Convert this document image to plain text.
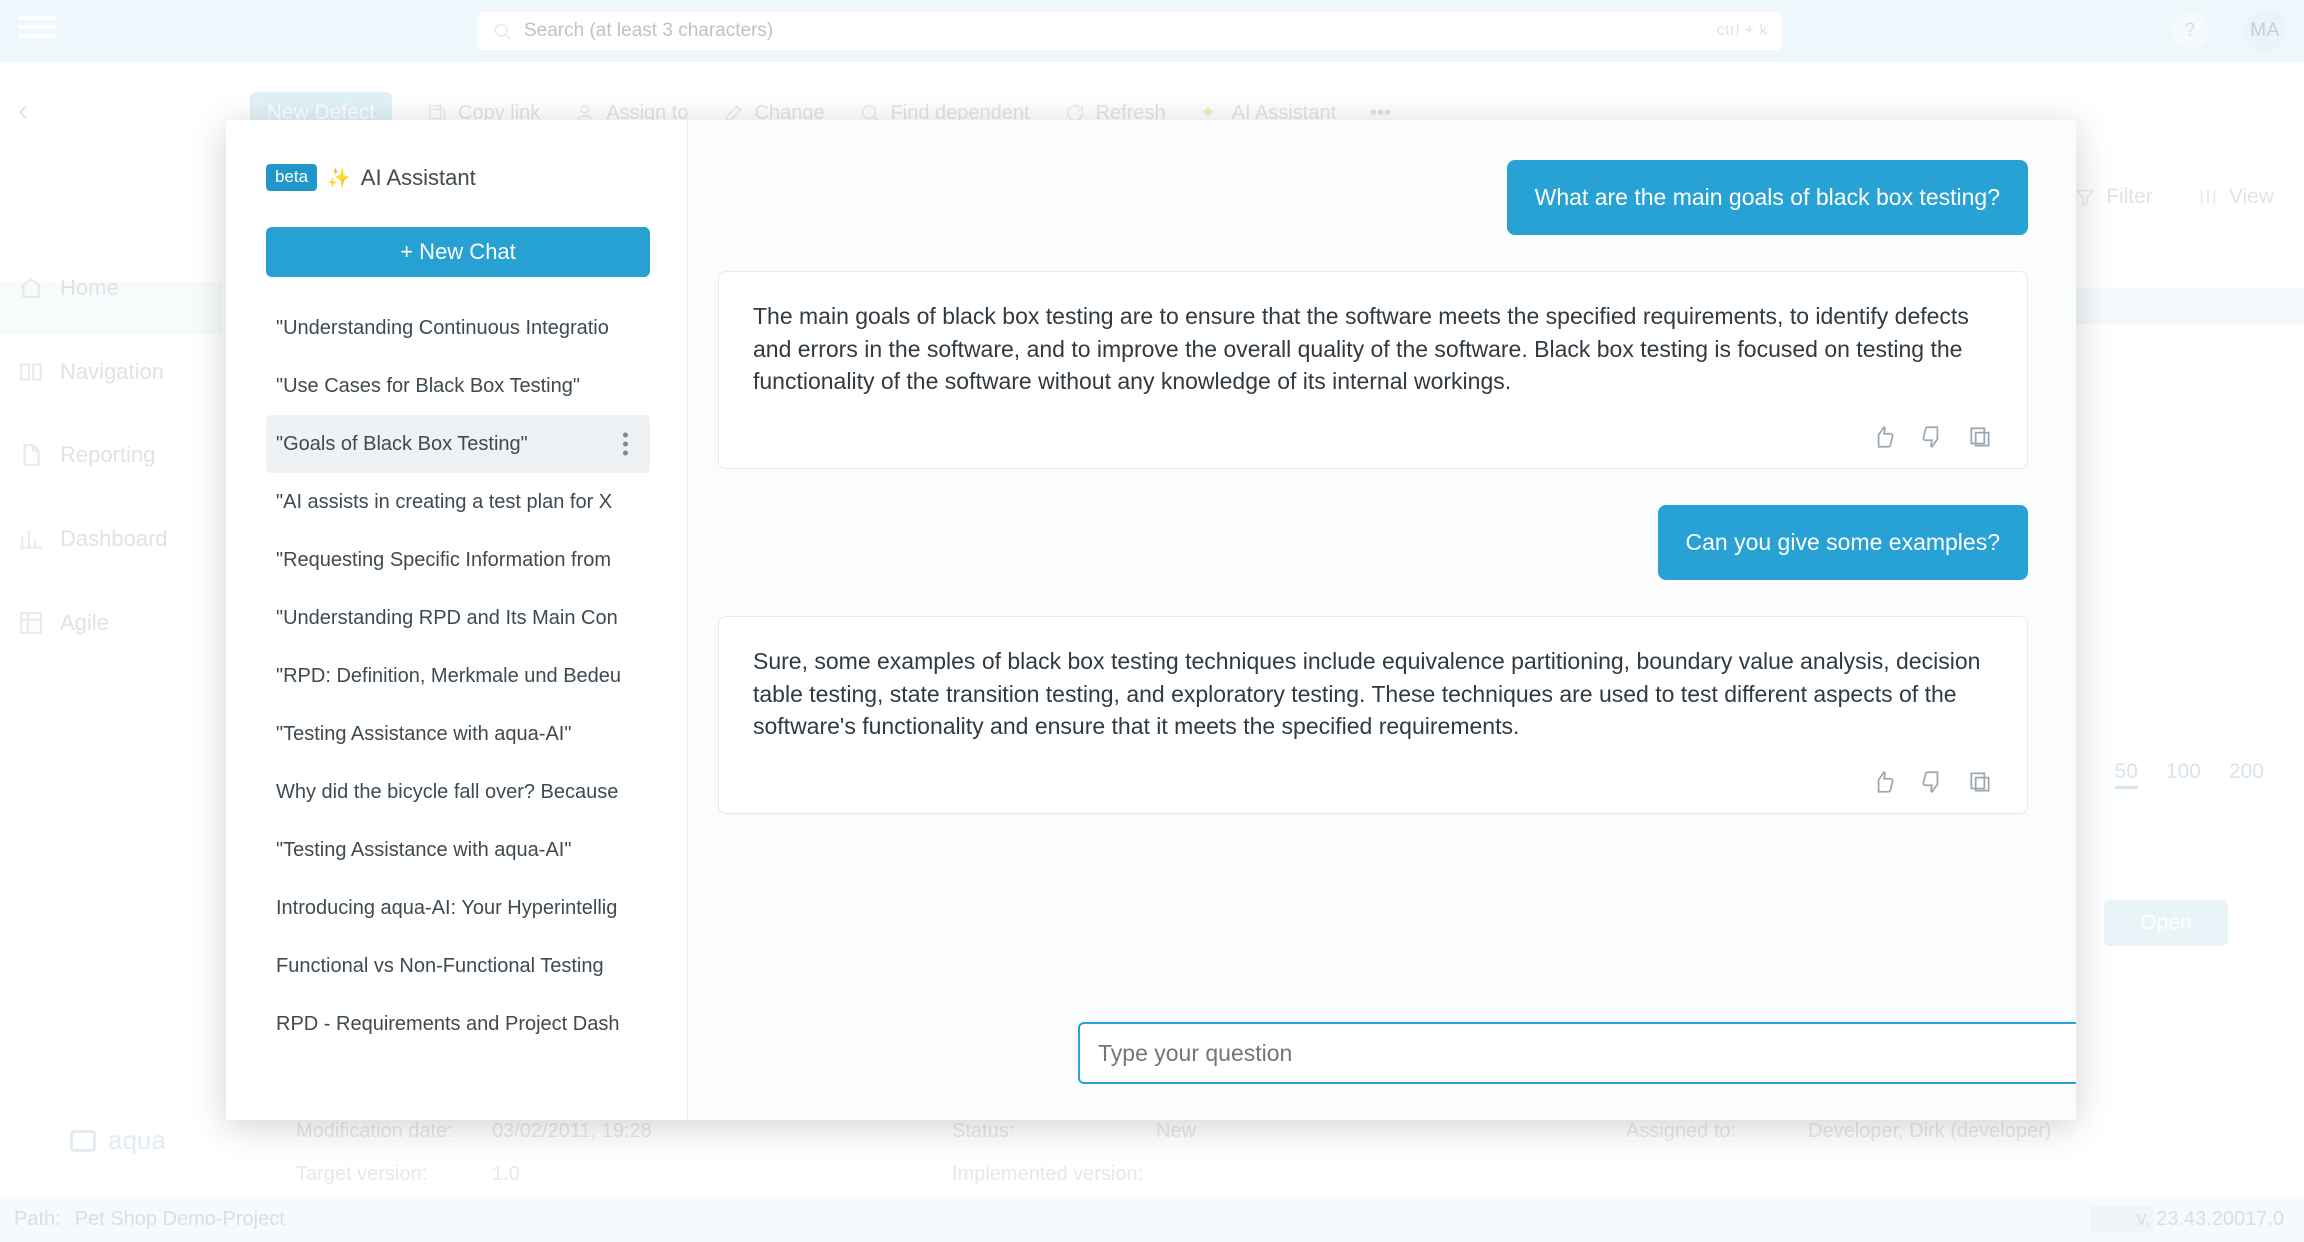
Search (at least 3 characters)
beta	✨ AI Assistant
+ New Chat
"Understanding Continuous Integratio
"Use Cases for Black Box Testing"
"Goals of Black Box Testing"
"AI assists in creating a test plan for X
"Requesting Specific Information from
"Understanding RPD and Its Main Con
"RPD: Definition, Merkmale und Bedeu
"Testing Assistance with aqua-AI"
Why did the bicycle fall over? Because
"Testing Assistance with aqua-AI"
Introducing aqua-AI: Your Hyperintellig
Functional vs Non-Functional Testing
RPD - Requirements and Project Dash
What are the main goals of black box testing?
The main goals of black box testing are to ensure that the software meets the specified requirements, to identify defects and errors in the software, and to improve the overall quality of the software. Black box testing is focused on testing the functionality of the software without any knowledge of its internal workings.
Can you give some examples?
Sure, some examples of black box testing techniques include equivalence partitioning, boundary value analysis, decision table testing, state transition testing, and exploratory testing. These techniques are used to test different aspects of the software's functionality and ensure that it meets the specified requirements.
Type your question
